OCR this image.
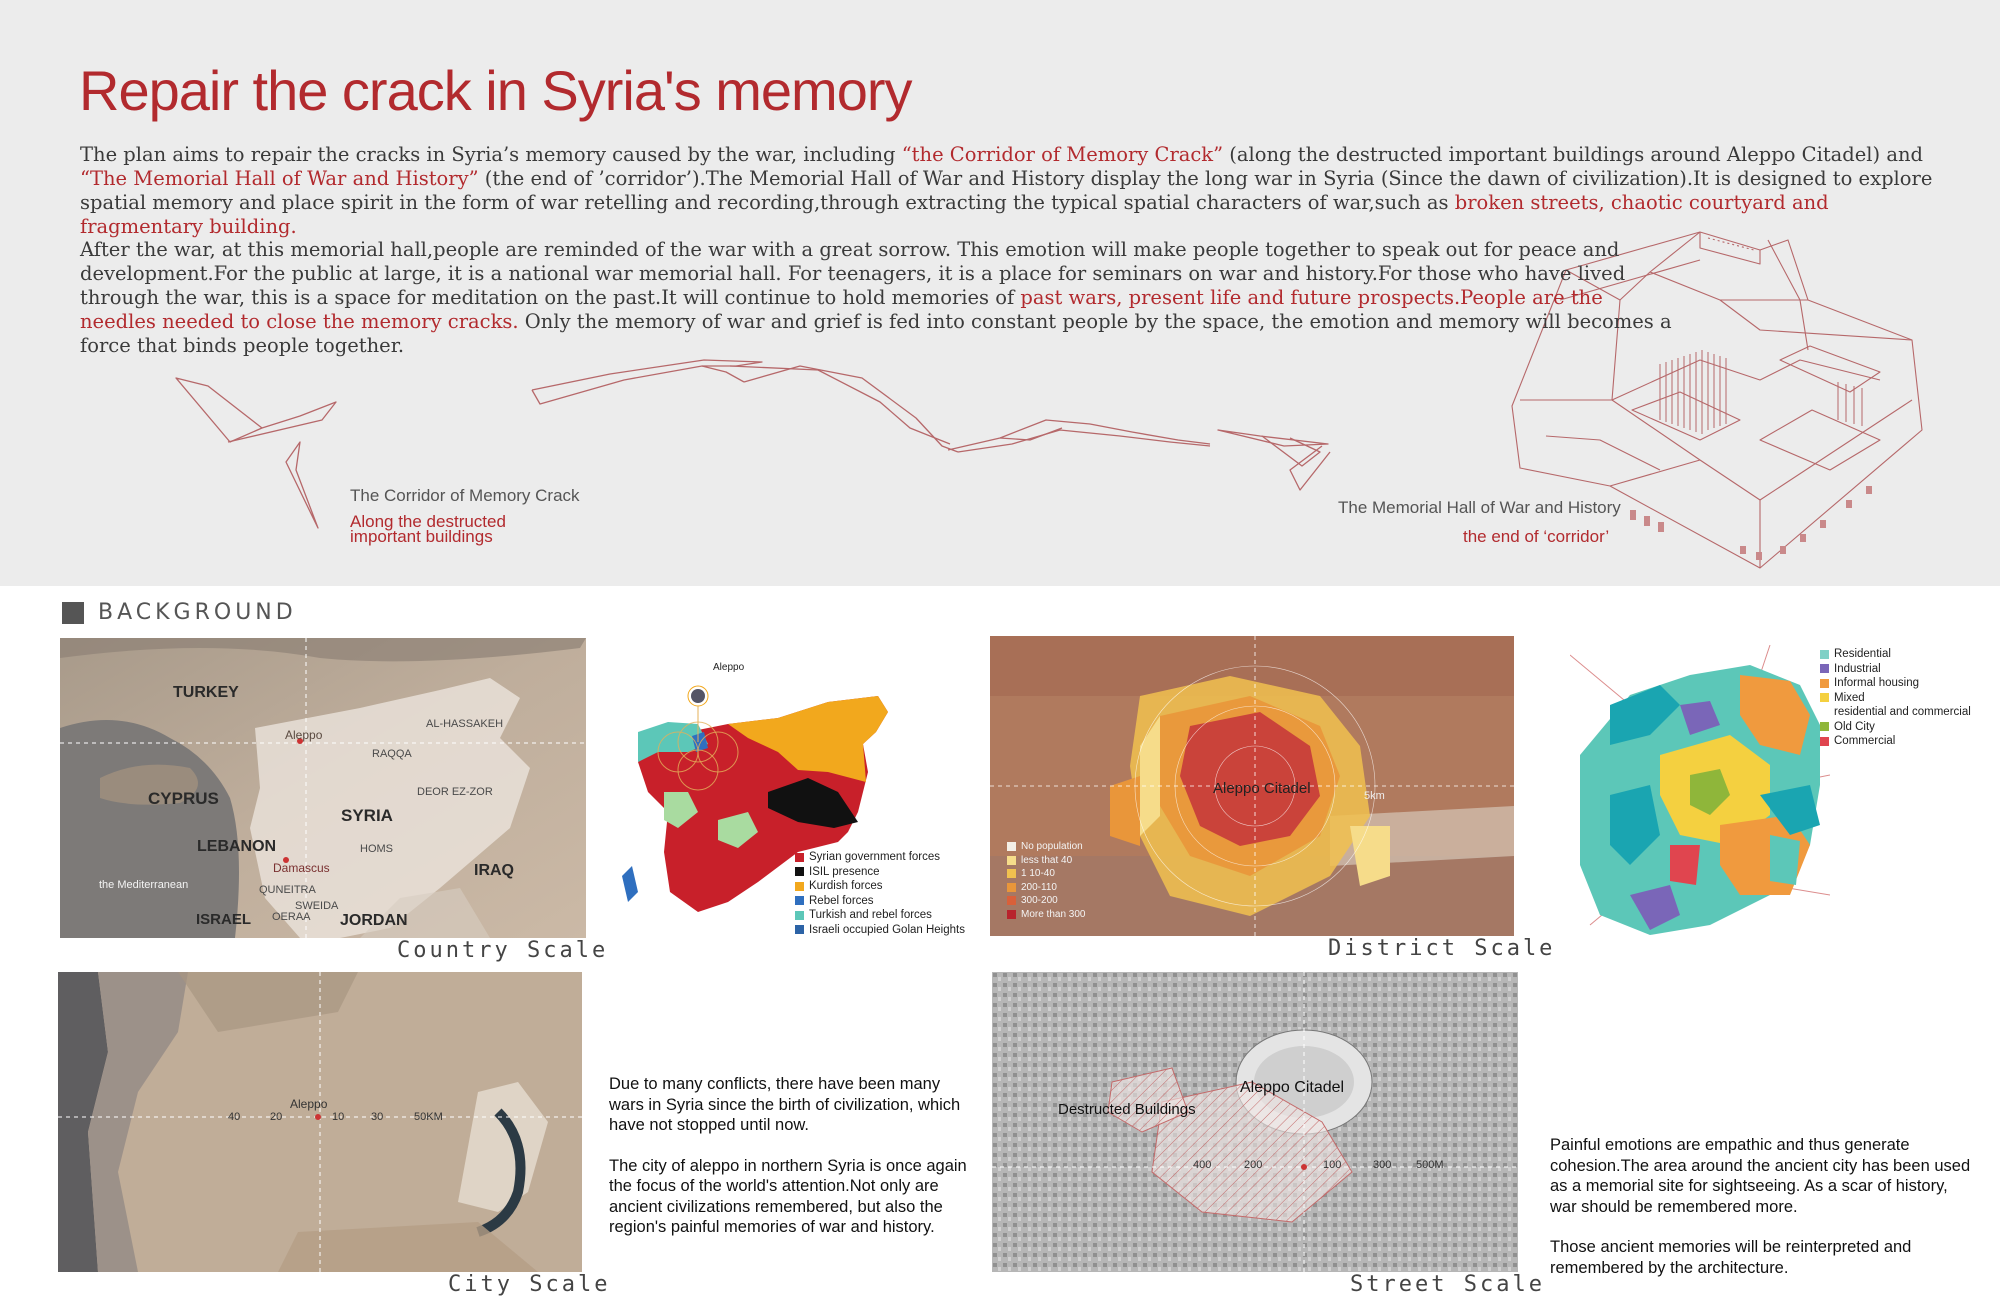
Repair the crack in Syria's memory
The plan aims to repair the cracks in Syria’s memory caused by the war, including “the Corridor of Memory Crack” (along the destructed important buildings around Aleppo Citadel) and “The Memorial Hall of War and History” (the end of ’corridor’).The Memorial Hall of War and History display the long war in Syria (Since the dawn of civilization).It is designed to explore spatial memory and place spirit in the form of war retelling and recording,through extracting the typical spatial characters of war,such as broken streets, chaotic courtyard and fragmentary building.
After the war, at this memorial hall,people are reminded of the war with a great sorrow. This emotion will make people together to speak out for peace and development.For the public at large, it is a national war memorial hall. For teenagers, it is a place for seminars on war and history.For those who have lived through the war, this is a space for meditation on the past.It will continue to hold memories of past wars, present life and future prospects.People are the needles needed to close the memory cracks. Only the memory of war and grief is fed into constant people by the space, the emotion and memory will becomes a force that binds people together.
The Corridor of Memory Crack
Along the destructed
important buildings
The Memorial Hall of War and History
the end of ‘corridor’
BACKGROUND
TURKEY
Aleppo
AL-HASSAKEH
RAQQA
CYPRUS
SYRIA
DEOR EZ-ZOR
LEBANON	HOMS
Damascus	IRAQ
the Mediterranean	QUNEITRA
ISRAEL
SWEIDA
OERAA JORDAN
Country Scale
Aleppo
Syrian government forces
ISIL presence
Kurdish forces
Rebel forces
Turkish and rebel forces
Israeli occupied Golan Heights
Aleppo Citadel	5km
No population
less that 40
1 10-40
200-110
300-200
More than 300
District Scale
Residential
Industrial
Informal housing
Mixed
residential and commercial
Old City
Commercial
Aleppo
40	20	10 30	50KM
City Scale

Due to many conflicts, there have been many wars in Syria since the birth of civilization, which have not stopped until now.

The city of aleppo in northern Syria is once again the focus of the world's attention.Not only are ancient civilizations remembered, but also the region's painful memories of war and history.

Aleppo Citadel
Destructed Buildings
400	200	100	300 500M
Street Scale

Painful emotions are empathic and thus generate cohesion.The area around the ancient city has been used as a memorial site for sightseeing. As a scar of history, war should be remembered more.

Those ancient memories will be reinterpreted and remembered by the architecture.
